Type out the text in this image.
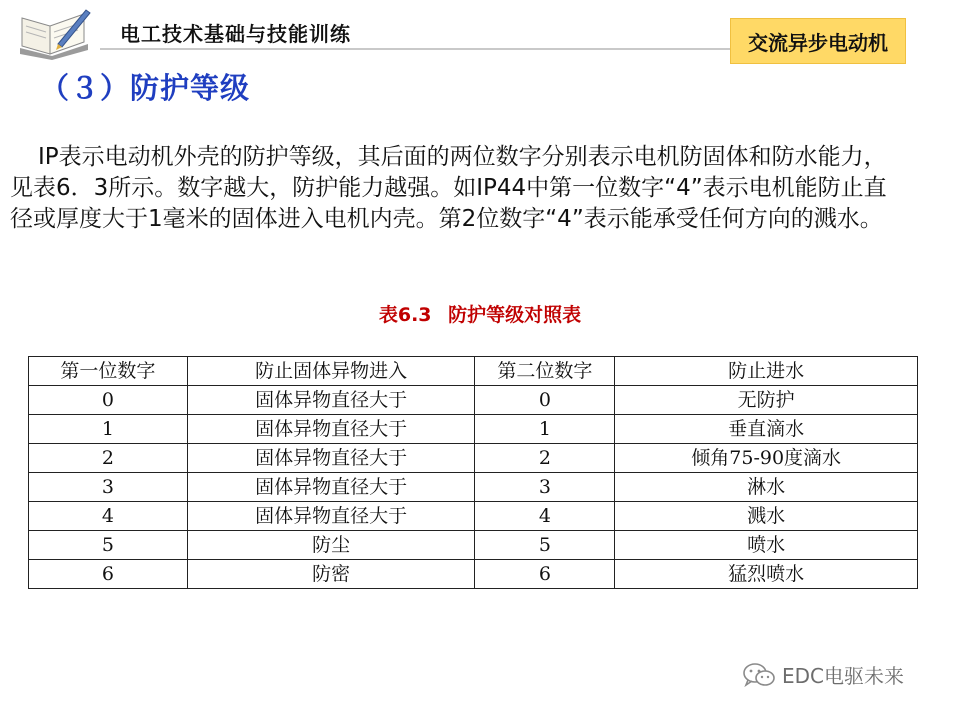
电工技术基础与技能训练	交流异步电动机
（３）防护等级
IP表示电动机外壳的防护等级，其后面的两位数字分别表示电机防固体和防水能力，见表6．3所示。数字越大，防护能力越强。如IP44中第一位数字“4”表示电机能防止直径或厚度大于1毫米的固体进入电机内壳。第2位数字“4”表示能承受任何方向的溅水。
表6.3 防护等级对照表
第一位数字	防止固体异物进入	第二位数字	防止进水
0	固体异物直径大于	0	无防护
1	固体异物直径大于	1	垂直滴水
2	固体异物直径大于	2	倾角75-90度滴水
3	固体异物直径大于	3	淋水
4	固体异物直径大于	4	溅水
5	防尘	5	喷水
6	防密	6	猛烈喷水
EDC电驱未来
